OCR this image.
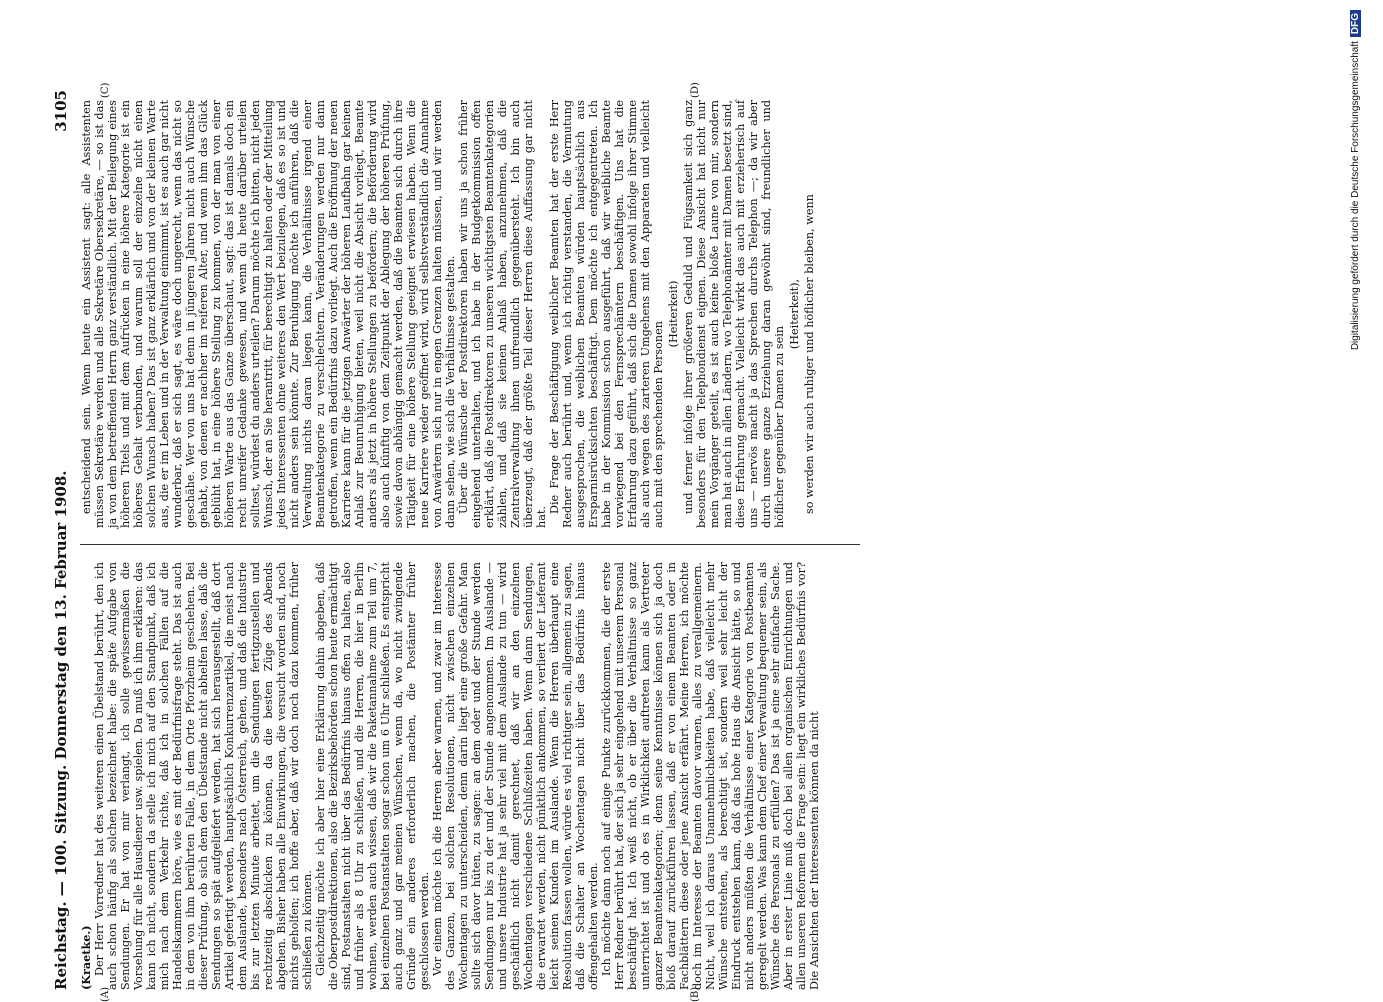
Reichstag. — 100. Sitzung. Donnerstag den 13. Februar 1908.
3105
(A)	(B)
(C)	(D)

(Kraetke.) Der Herr Vorredner hat des weiteren einen Übelstand berührt, den ich auch schon häufig als solchen bezeichnet habe: die späte Aufgabe von Sendungen. Er hat von mir verlangt, ich solle gewissermaßen die Vorsehung für alle Hausdiener usw. spielen. Da muß ich ihm erklären: das kann ich nicht, sondern da stelle ich mich auf den Standpunkt, daß ich mich nach dem Verkehr richte, daß ich in solchen Fällen auf die Handelskammern höre, wie es mit der Bedürfnisfrage steht. Das ist auch in dem von ihm berührten Falle, in dem Orte Pforzheim geschehen. Bei dieser Prüfung, ob sich dem den Übelstande nicht abhelfen lasse, daß die Sendungen so spät aufgeliefert werden, hat sich herausgestellt, daß dort Artikel gefertigt werden, hauptsächlich Konkurrenzartikel, die meist nach dem Auslande, besonders nach Österreich, gehen, und daß die Industrie bis zur letzten Minute arbeitet, um die Sendungen fertigzustellen und rechtzeitig abschicken zu können, da die besten Züge des Abends abgehen. Bisher haben alle Einwirkungen, die versucht worden sind, noch nichts geholfen; ich hoffe aber, daß wir doch noch dazu kommen, früher schließen zu können. Gleichzeitig möchte ich aber hier eine Erklärung dahin abgeben, daß die Oberpostdirektionen, also die Bezirksbehörden schon heute ermächtigt sind, Postanstalten nicht über das Bedürfnis hinaus offen zu halten, also und früher als 8 Uhr zu schließen, und die Herren, die hier in Berlin wohnen, werden auch wissen, daß wir die Paketannahme zum Teil um 7, bei einzelnen Postanstalten sogar schon um 6 Uhr schließen. Es entspricht auch ganz und gar meinen Wünschen, wenn da, wo nicht zwingende Gründe ein anderes erforderlich machen, die Postämter früher geschlossen werden. Vor einem möchte ich die Herren aber warnen, und zwar im Interesse des Ganzen, bei solchen Resolutionen, nicht zwischen einzelnen Wochentagen zu unterscheiden, denn darin liegt eine große Gefahr. Man sollte sich davor hüten, zu sagen: an dem oder und der Stunde werden Sendungen nur bis zu der und der Stunde angenommen. Im Auslande — und unsere Industrie hat ja sehr viel mit dem Auslande zu tun — wird geschäftlich nicht damit gerechnet, daß wir an den einzelnen Wochentagen verschiedene Schlußzeiten haben. Wenn dann Sendungen, die erwartet werden, nicht pünktlich ankommen, so verliert der Lieferant leicht seinen Kunden im Auslande. Wenn die Herren überhaupt eine Resolution fassen wollen, würde es viel richtiger sein, allgemein zu sagen, daß die Schalter an Wochentagen nicht über das Bedürfnis hinaus offengehalten werden. Ich möchte dann noch auf einige Punkte zurückkommen, die der erste Herr Redner berührt hat, der sich ja sehr eingehend mit unserem Personal beschäftigt hat. Ich weiß nicht, ob er über die Verhältnisse so ganz unterrichtet ist und ob es in Wirklichkeit auftreten kann als Vertreter ganzer Beamtenkategorien; denn seine Kenntnisse können sich ja doch bloß darauf zurückführen lassen, daß er von einem Beamten oder in Fachblättern diese oder jene Ansicht erfährt. Meine Herren, ich möchte doch im Interesse der Beamten davor warnen, alles zu verallgemeinern. Nicht, weil ich daraus Unannehmlichkeiten habe, daß vielleicht mehr Wünsche entstehen, als berechtigt ist, sondern weil sehr leicht der Eindruck entstehen kann, daß das hohe Haus die Ansicht hätte, so und nicht anders müßten die Verhältnisse einer Kategorie von Postbeamten geregelt werden. Was kann dem Chef einer Verwaltung bequemer sein, als Wünsche des Personals zu erfüllen? Das ist ja eine sehr einfache Sache. Aber in erster Linie muß doch bei allen organischen Einrichtungen und allen unseren Reformen die Frage sein: liegt ein wirkliches Bedürfnis vor? Die Ansichten der Interessenten können da nicht

entscheidend sein. Wenn heute ein Assistent sagt: alle Assistenten müssen Sekretäre werden und alle Sekretäre Obersekretäre, — so ist das ja von dem betreffenden Herrn ganz verständlich. Mit der Beilegung eines höheren Titels und mit dem Aufrücken in eine höhere Kategorie ist ein höheres Gehalt verbunden, und warum soll der einzelne nicht einen solchen Wunsch haben? Das ist ganz erklärlich und von der kleinen Warte aus, die er im Leben und in der Verwaltung einnimmt, ist es auch gar nicht wunderbar, daß er sich sagt, es wäre doch ungerecht, wenn das nicht so geschähe. Wer von uns hat denn in jüngeren Jahren nicht auch Wünsche gehabt, von denen er nachher im reiferen Alter, und wenn ihm das Glück geblüht hat, in eine höhere Stellung zu kommen, von der man von einer höheren Warte aus das Ganze überschaut, sagt: das ist damals doch ein recht unreifer Gedanke gewesen, und wenn du heute darüber urteilen solltest, würdest du anders urteilen? Darum möchte ich bitten, nicht jeden Wunsch, der an Sie herantritt, für berechtigt zu halten oder der Mitteilung jedes Interessenten ohne weiteres den Wert beizulegen, daß es so ist und nicht anders sein könnte. Zur Beruhigung möchte ich anführen, daß die Verwaltung nichts daran liegen kann, die Verhältnisse irgend einer Beamtenkategorie zu verschlechtern. Veränderungen werden nur dann getroffen, wenn ein Bedürfnis dazu vorliegt. Auch die Eröffnung der neuen Karriere kann für die jetzigen Anwärter der höheren Laufbahn gar keinen Anlaß zur Beunruhigung bieten, weil nicht die Absicht vorliegt, Beamte anders als jetzt in höhere Stellungen zu befördern; die Beförderung wird also auch künftig von dem Zeitpunkt der Ablegung der höheren Prüfung, sowie davon abhängig gemacht werden, daß die Beamten sich durch ihre Tätigkeit für eine höhere Stellung geeignet erwiesen haben. Wenn die neue Karriere wieder geöffnet wird, wird selbstverständlich die Annahme von Anwärtern sich nur in engen Grenzen halten müssen, und wir werden dann sehen, wie sich die Verhältnisse gestalten. Über die Wünsche der Postdirektoren haben wir uns ja schon früher eingehend unterhalten, und ich habe in der Budgetkommission offen erklärt, daß die Postdirektoren zu unseren wichtigsten Beamtenkategorien zählen, und daß sie keinen Anlaß haben, anzunehmen, daß die Zentralverwaltung ihnen unfreundlich gegenübersteht. Ich bin auch überzeugt, daß der größte Teil dieser Herren diese Auffassung gar nicht hat.

Die Frage der Beschäftigung weiblicher Beamten hat der erste Herr Redner auch berührt und, wenn ich richtig verstanden, die Vermutung ausgesprochen, die weiblichen Beamten würden hauptsächlich aus Ersparnisrücksichten beschäftigt. Dem möchte ich entgegentreten. Ich habe in der Kommission schon ausgeführt, daß wir weibliche Beamte vorwiegend bei den Fernsprechämtern beschäftigen. Uns hat die Erfahrung dazu geführt, daß sich die Damen sowohl infolge ihrer Stimme als auch wegen des zarteren Umgehens mit den Apparaten und vielleicht auch mit den sprechenden Personen

(Heiterkeit) und ferner infolge ihrer größeren Geduld und Fügsamkeit sich ganz besonders für den Telephondienst eignen. Diese Ansicht hat nicht nur mein Vorgänger geteilt, es ist auch keine bloße Laune von mir, sondern man hat auch in allen Ländern, wo Telephonämter mit Damen besetzt sind, diese Erfahrung gemacht. Vielleicht wirkt das auch mit erzieherisch auf uns — nervös macht ja das Sprechen durchs Telephon —; da wir aber durch unsere ganze Erziehung daran gewöhnt sind, freundlicher und höflicher gegenüber Damen zu sein

(Heiterkeit), so werden wir auch ruhiger und höflicher bleiben, wenn	Digitalisierung gefördert durch die Deutsche ForschungsgemeinschaftDFG
